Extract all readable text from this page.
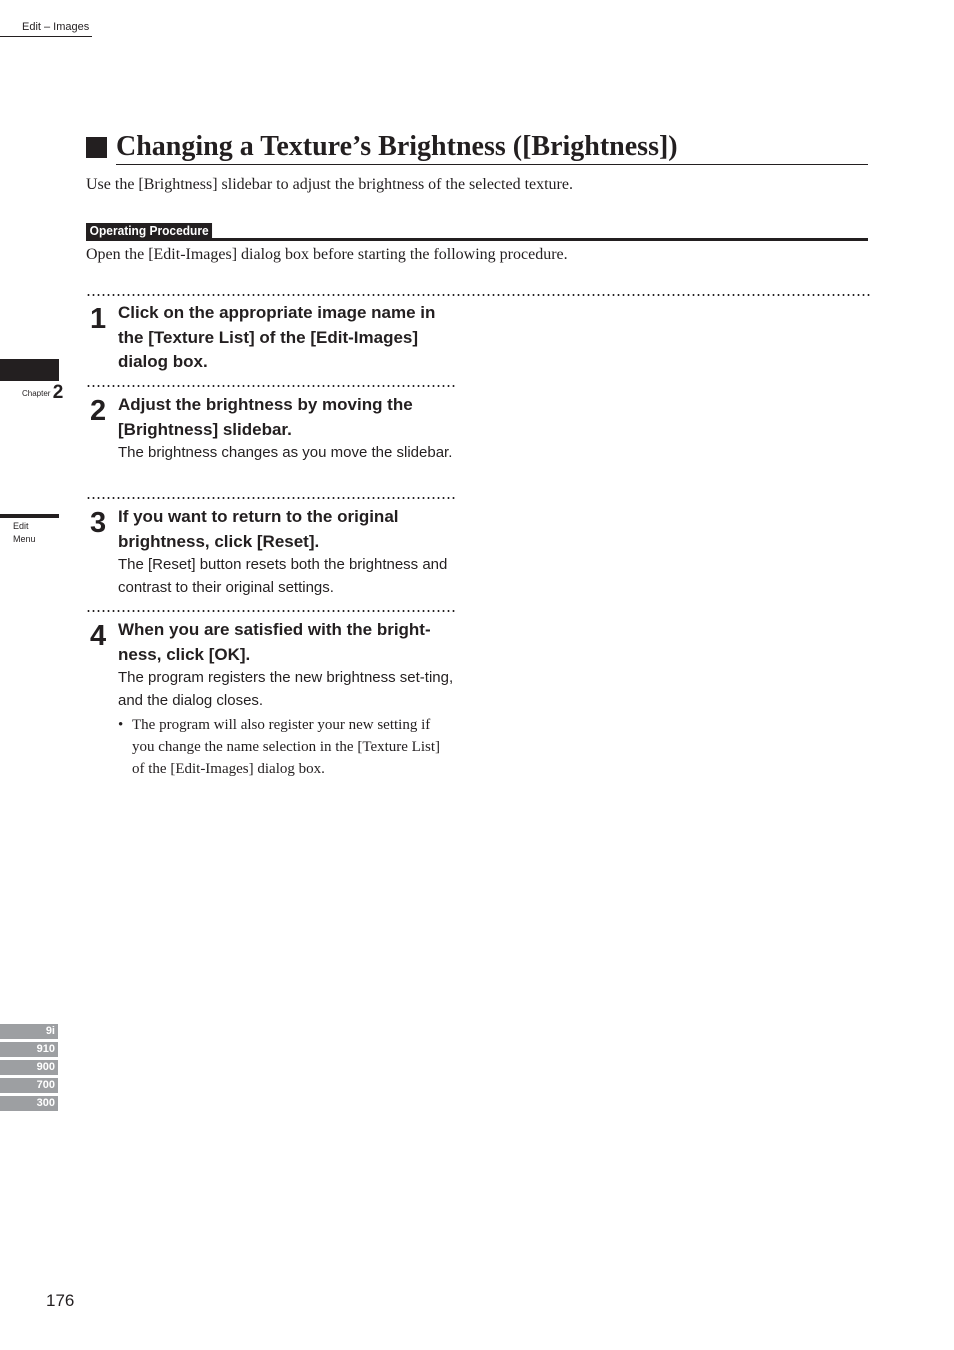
Edit – Images
Chapter 2
Edit
Menu
9i
910
900
700
300
Changing a Texture’s Brightness ([Brightness])
Use the [Brightness] slidebar to adjust the brightness of the selected texture.
Operating Procedure
Open the [Edit-Images] dialog box before starting the following procedure.
1 Click on the appropriate image name in the [Texture List] of the [Edit-Images] dialog box.
2 Adjust the brightness by moving the [Brightness] slidebar.
The brightness changes as you move the slidebar.
3 If you want to return to the original brightness, click [Reset].
The [Reset] button resets both the brightness and contrast to their original settings.
4 When you are satisfied with the bright-ness, click [OK].
The program registers the new brightness set-ting, and the dialog closes.
• The program will also register your new setting if you change the name selection in the [Texture List] of the [Edit-Images] dialog box.
176
